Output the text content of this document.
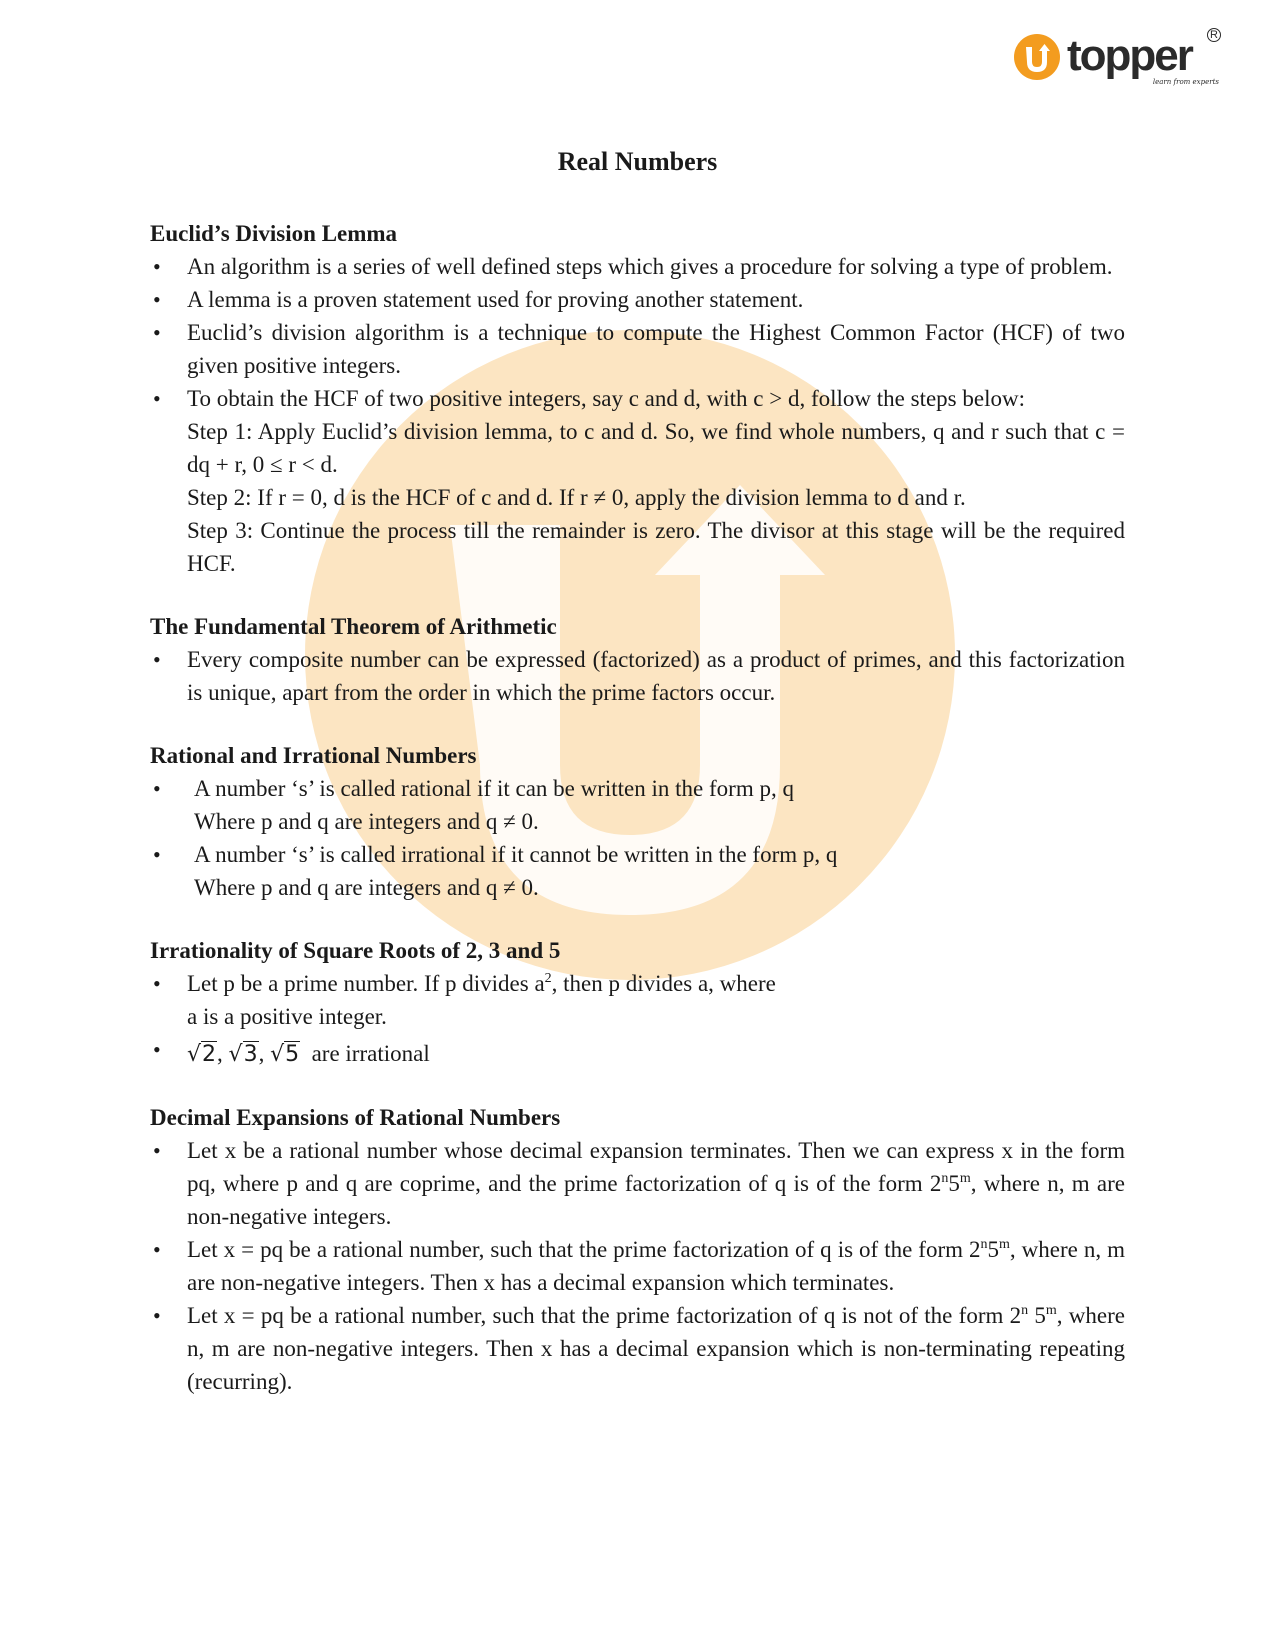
topper R
learn from experts
Real Numbers
Euclid’s Division Lemma
• An algorithm is a series of well defined steps which gives a procedure for solving a type of problem.
• A lemma is a proven statement used for proving another statement.
• Euclid’s division algorithm is a technique to compute the Highest Common Factor (HCF) of two given positive integers.
• To obtain the HCF of two positive integers, say c and d, with c > d, follow the steps below:
Step 1: Apply Euclid’s division lemma, to c and d. So, we find whole numbers, q and r such that c = dq + r, 0 ≤ r < d.
Step 2: If r = 0, d is the HCF of c and d. If r ≠ 0, apply the division lemma to d and r.
Step 3: Continue the process till the remainder is zero. The divisor at this stage will be the required HCF.
The Fundamental Theorem of Arithmetic
• Every composite number can be expressed (factorized) as a product of primes, and this factorization is unique, apart from the order in which the prime factors occur.
Rational and Irrational Numbers
• A number ‘s’ is called rational if it can be written in the form p, q
Where p and q are integers and q ≠ 0.
• A number ‘s’ is called irrational if it cannot be written in the form p, q
Where p and q are integers and q ≠ 0.
Irrationality of Square Roots of 2, 3 and 5
• Let p be a prime number. If p divides $a^2$, then p divides a, where
a is a positive integer.
• √2, √3, √5 are irrational
Decimal Expansions of Rational Numbers
• Let x be a rational number whose decimal expansion terminates. Then we can express x in the form pq, where p and q are coprime, and the prime factorization of q is of the form 2$^n$5$^m$, where n, m are non-negative integers.
• Let x = pq be a rational number, such that the prime factorization of q is of the form 2$^n$5$^m$, where n, m are non-negative integers. Then x has a decimal expansion which terminates.
• Let x = pq be a rational number, such that the prime factorization of q is not of the form 2$^n$ 5$^m$, where n, m are non-negative integers. Then x has a decimal expansion which is non-terminating repeating (recurring).
